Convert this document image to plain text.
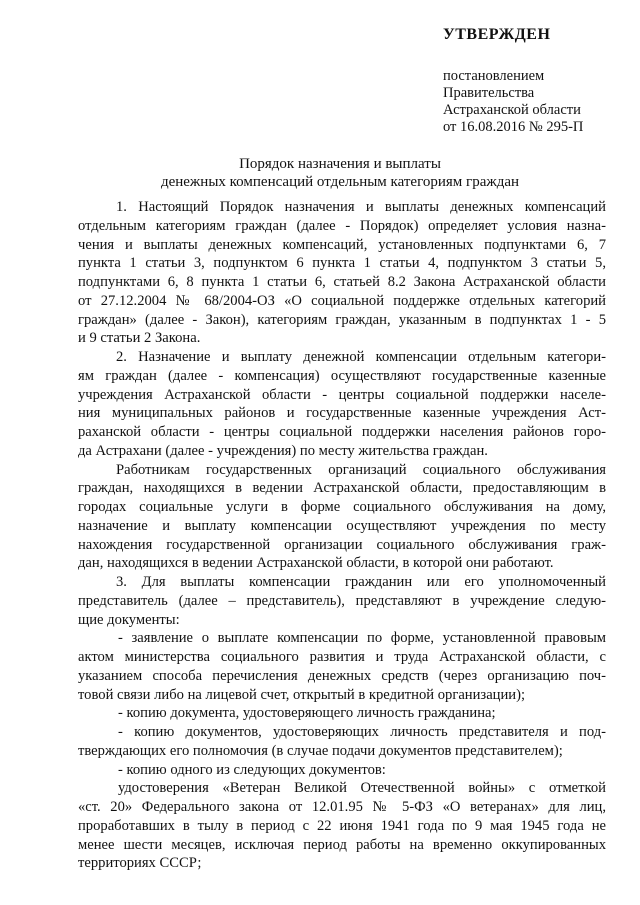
УТВЕРЖДЕН
постановлением
Правительства
Астраханской области
от 16.08.2016 № 295-П
Порядок назначения и выплаты
денежных компенсаций отдельным категориям граждан
1. Настоящий Порядок назначения и выплаты денежных компенсаций
отдельным категориям граждан (далее - Порядок) определяет условия назна-
чения и выплаты денежных компенсаций, установленных подпунктами 6, 7
пункта 1 статьи 3, подпунктом 6 пункта 1 статьи 4, подпунктом 3 статьи 5,
подпунктами 6, 8 пункта 1 статьи 6, статьей 8.2 Закона Астраханской области
от 27.12.2004 № 68/2004-ОЗ «О социальной поддержке отдельных категорий
граждан» (далее - Закон), категориям граждан, указанным в подпунктах 1 - 5
и 9 статьи 2 Закона.
2. Назначение и выплату денежной компенсации отдельным категори-
ям граждан (далее - компенсация) осуществляют государственные казенные
учреждения Астраханской области - центры социальной поддержки населе-
ния муниципальных районов и государственные казенные учреждения Аст-
раханской области - центры социальной поддержки населения районов горо-
да Астрахани (далее - учреждения) по месту жительства граждан.
Работникам государственных организаций социального обслуживания
граждан, находящихся в ведении Астраханской области, предоставляющим в
городах социальные услуги в форме социального обслуживания на дому,
назначение и выплату компенсации осуществляют учреждения по месту
нахождения государственной организации социального обслуживания граж-
дан, находящихся в ведении Астраханской области, в которой они работают.
3. Для выплаты компенсации гражданин или его уполномоченный
представитель (далее – представитель), представляют в учреждение следую-
щие документы:
- заявление о выплате компенсации по форме, установленной правовым
актом министерства социального развития и труда Астраханской области, с
указанием способа перечисления денежных средств (через организацию поч-
товой связи либо на лицевой счет, открытый в кредитной организации);
- копию документа, удостоверяющего личность гражданина;
- копию документов, удостоверяющих личность представителя и под-
тверждающих его полномочия (в случае подачи документов представителем);
- копию одного из следующих документов:
удостоверения «Ветеран Великой Отечественной войны» с отметкой
«ст. 20» Федерального закона от 12.01.95 № 5-ФЗ «О ветеранах» для лиц,
проработавших в тылу в период с 22 июня 1941 года по 9 мая 1945 года не
менее шести месяцев, исключая период работы на временно оккупированных
территориях СССР;
